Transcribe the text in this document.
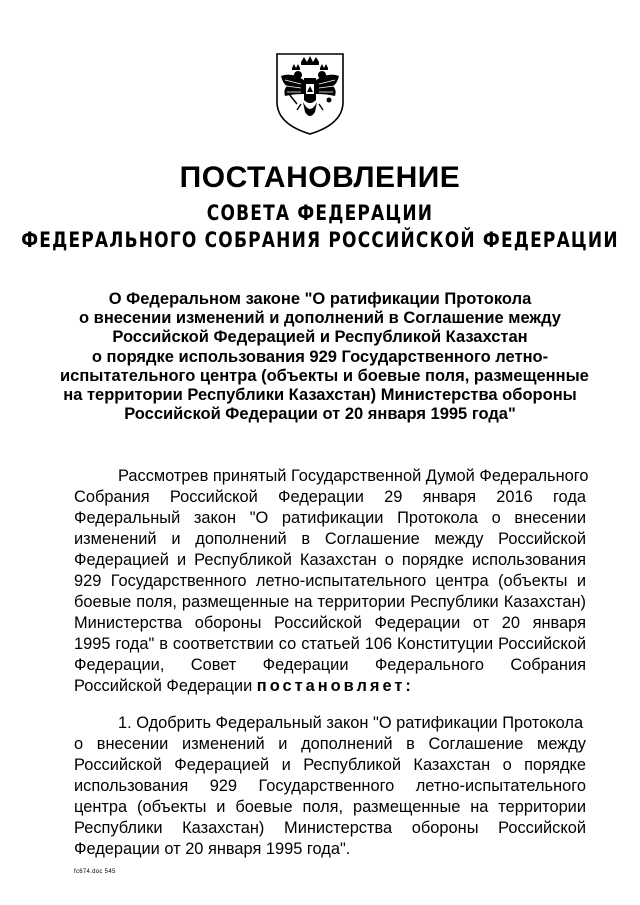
ПОСТАНОВЛЕНИЕ
СОВЕТА ФЕДЕРАЦИИ
ФЕДЕРАЛЬНОГО СОБРАНИЯ РОССИЙСКОЙ ФЕДЕРАЦИИ
О Федеральном законе "О ратификации Протокола
о внесении изменений и дополнений в Соглашение между
Российской Федерацией и Республикой Казахстан
о порядке использования 929 Государственного летно-
испытательного центра (объекты и боевые поля, размещенные
на территории Республики Казахстан) Министерства обороны
Российской Федерации от 20 января 1995 года"
Рассмотрев принятый Государственной Думой Федерального
Собрания Российской Федерации 29 января 2016 года
Федеральный закон "О ратификации Протокола о внесении
изменений и дополнений в Соглашение между Российской
Федерацией и Республикой Казахстан о порядке использования
929 Государственного летно-испытательного центра (объекты и
боевые поля, размещенные на территории Республики Казахстан)
Министерства обороны Российской Федерации от 20 января
1995 года" в соответствии со статьей 106 Конституции Российской
Федерации, Совет Федерации Федерального Собрания
Российской Федерации постановляет:
1. Одобрить Федеральный закон "О ратификации Протокола
о внесении изменений и дополнений в Соглашение между
Российской Федерацией и Республикой Казахстан о порядке
использования 929 Государственного летно-испытательного
центра (объекты и боевые поля, размещенные на территории
Республики Казахстан) Министерства обороны Российской
Федерации от 20 января 1995 года".
fc674.doc 545
